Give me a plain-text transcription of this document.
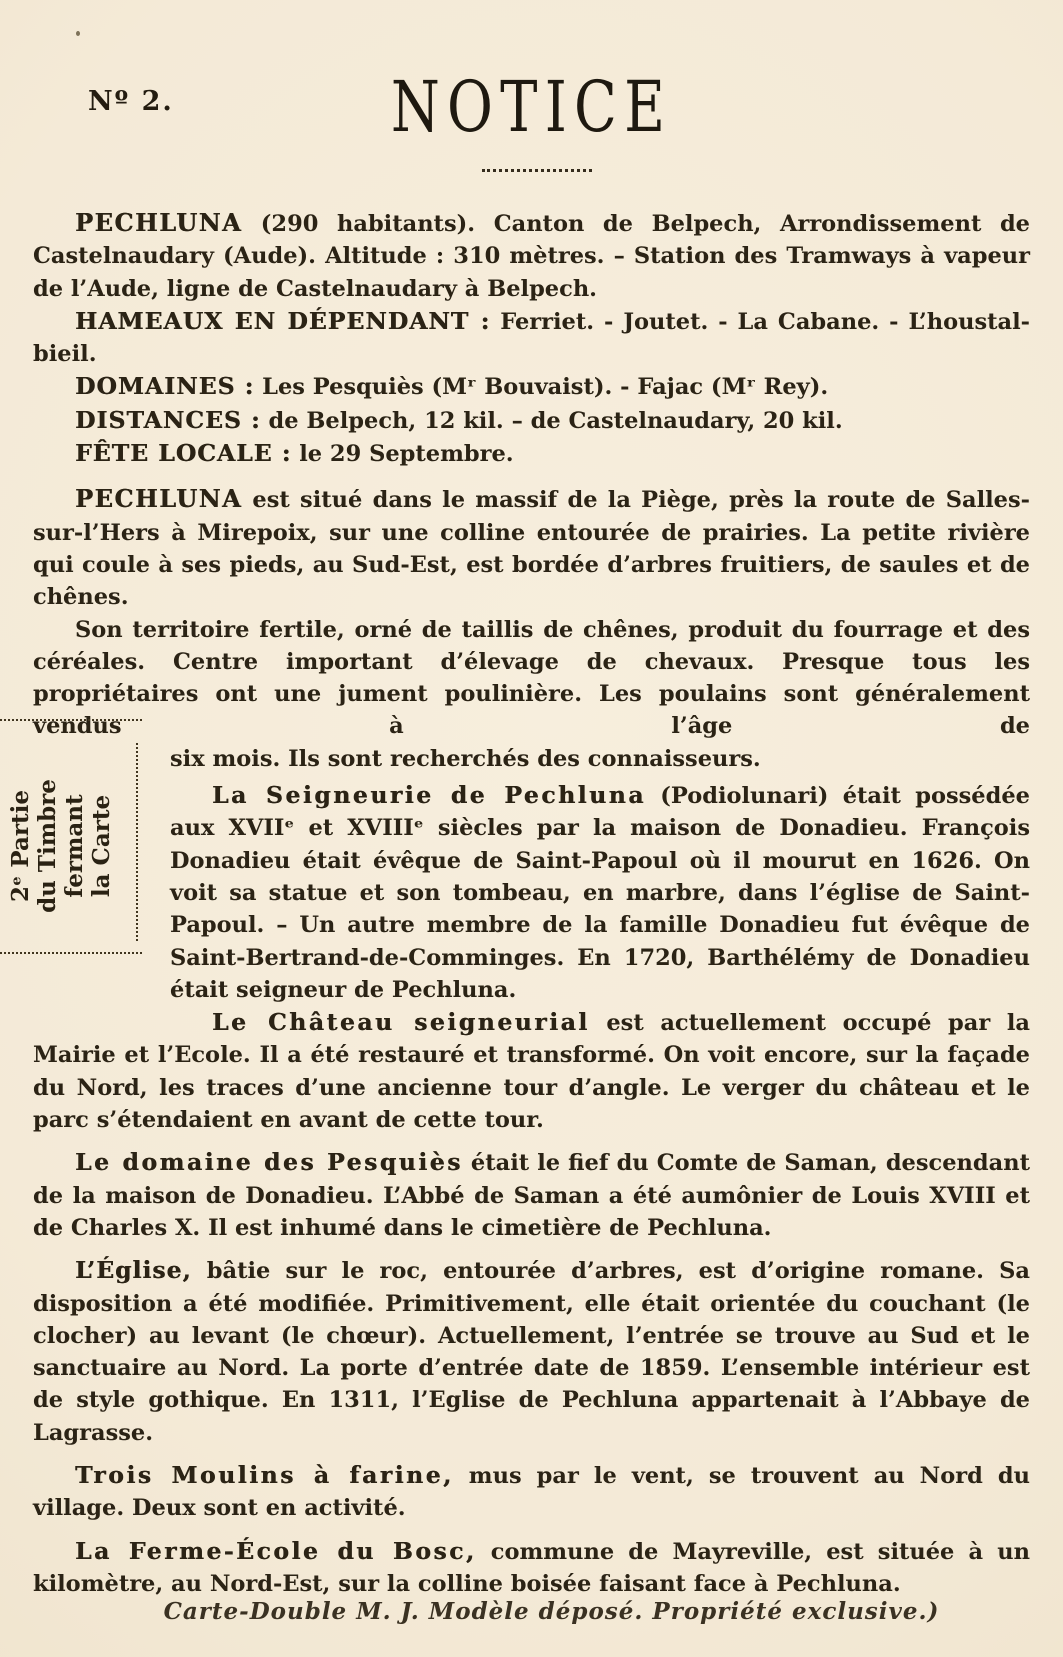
Nº 2.	NOTICE

PECHLUNA (290 habitants). Canton de Belpech, Arrondissement de Castelnaudary (Aude). Altitude : 310 mètres. – Station des Tramways à vapeur de l’Aude, ligne de Castelnaudary à Belpech.

HAMEAUX EN DÉPENDANT : Ferriet. - Joutet. - La Cabane. - L’houstal-bieil.

DOMAINES : Les Pesquiès (Mʳ Bouvaist). - Fajac (Mʳ Rey).

DISTANCES : de Belpech, 12 kil. – de Castelnaudary, 20 kil.

FÊTE LOCALE : le 29 Septembre.

PECHLUNA est situé dans le massif de la Piège, près la route de Salles-sur-l’Hers à Mirepoix, sur une colline entourée de prairies. La petite rivière qui coule à ses pieds, au Sud-Est, est bordée d’arbres fruitiers, de saules et de chênes.

Son territoire fertile, orné de taillis de chênes, produit du fourrage et des céréales. Centre important d’élevage de chevaux. Presque tous les propriétaires ont une jument poulinière. Les poulains sont généralement vendus à l’âge de

six mois. Ils sont recherchés des connaisseurs.

La Seigneurie de Pechluna (Podiolunari) était possédée aux XVIIᵉ et XVIIIᵉ siècles par la maison de Donadieu. François Donadieu était évêque de Saint-Papoul où il mourut en 1626. On voit sa statue et son tombeau, en marbre, dans l’église de Saint-Papoul. – Un autre membre de la famille Donadieu fut évêque de Saint-Bertrand-de-Comminges. En 1720, Barthélémy de Donadieu était seigneur de Pechluna.

Le Château seigneurial est actuellement occupé par la Mairie et l’Ecole. Il a été restauré et transformé. On voit encore, sur la façade du Nord, les traces d’une ancienne tour d’angle. Le verger du château et le parc s’étendaient en avant de cette tour.

Le domaine des Pesquiès était le fief du Comte de Saman, descendant de la maison de Donadieu. L’Abbé de Saman a été aumônier de Louis XVIII et de Charles X. Il est inhumé dans le cimetière de Pechluna.

L’Église, bâtie sur le roc, entourée d’arbres, est d’origine romane. Sa disposition a été modifiée. Primitivement, elle était orientée du couchant (le clocher) au levant (le chœur). Actuellement, l’entrée se trouve au Sud et le sanctuaire au Nord. La porte d’entrée date de 1859. L’ensemble intérieur est de style gothique. En 1311, l’Eglise de Pechluna appartenait à l’Abbaye de Lagrasse.

Trois Moulins à farine, mus par le vent, se trouvent au Nord du village. Deux sont en activité.

La Ferme-École du Bosc, commune de Mayreville, est située à un kilomètre, au Nord-Est, sur la colline boisée faisant face à Pechluna.

2ᵉ Partie du Timbre fermant la Carte
Carte-Double M. J. Modèle déposé. Propriété exclusive.)
